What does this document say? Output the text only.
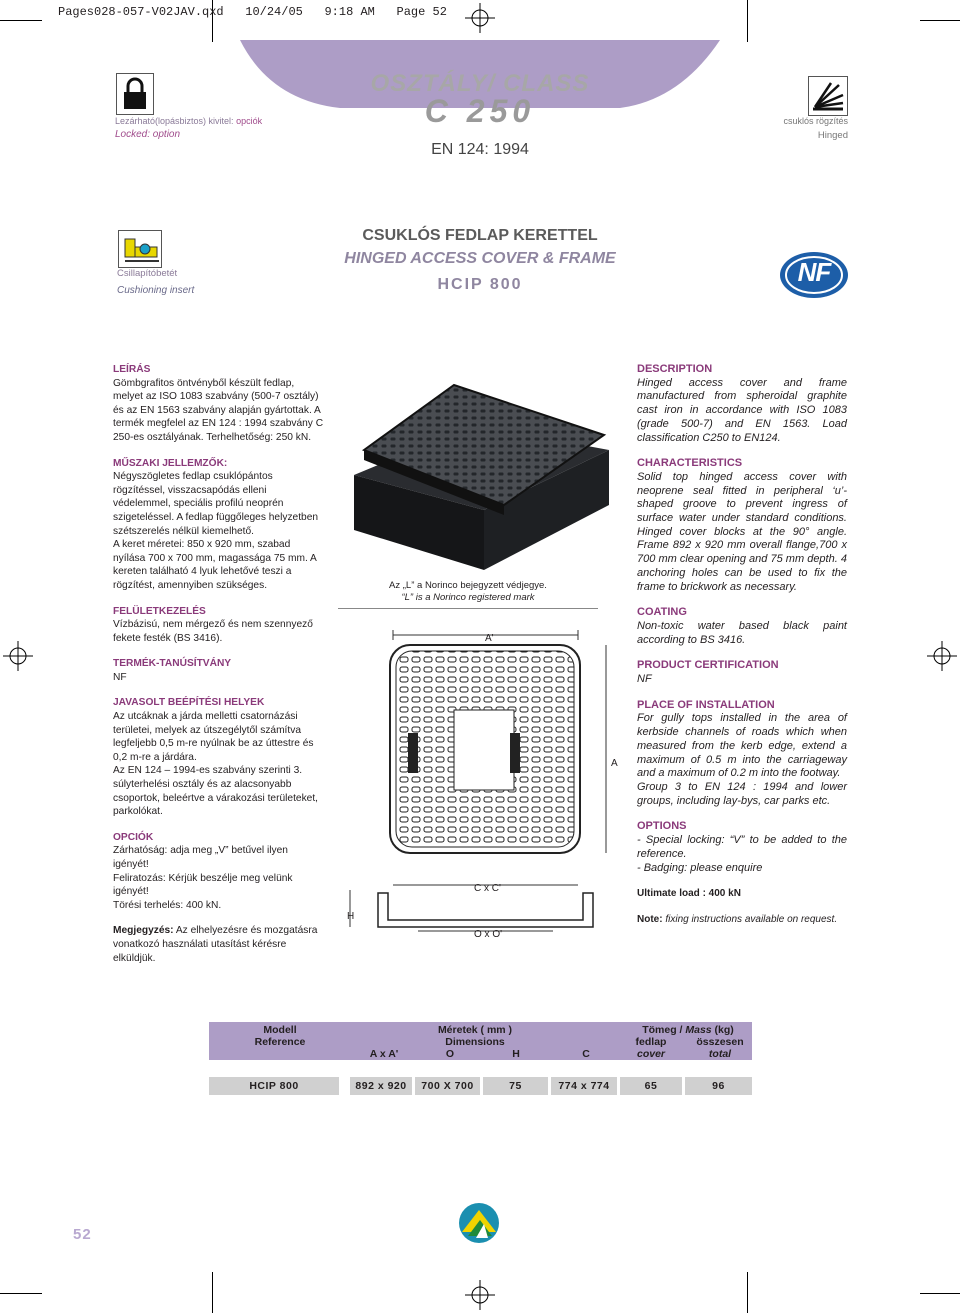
Pages028-057-V02JAV.qxd 10/24/05 9:18 AM Page 52
OSZTÁLY/ CLASS
C 250
EN 124: 1994
Lezárható(lopásbiztos) kivitel: opciók
Locked: option
csuklós rögzítés
Hinged
Csillapítóbetét
Cushioning insert
NF
CSUKLÓS FEDLAP KERETTEL
HINGED ACCESS COVER & FRAME
HCIP 800
LEÍRÁS

Gömbgrafitos öntvényből készült fedlap, melyet az ISO 1083 szabvány (500-7 osztály) és az EN 1563 szabvány alapján gyártottak. A termék megfelel az EN 124 : 1994 szabvány C 250-es osztályának. Terhelhetőség: 250 kN.

MŰSZAKI JELLEMZŐK:

Négyszögletes fedlap csuklópántos rögzítéssel, visszacsapódás elleni védelemmel, speciális profilú neoprén szigeteléssel. A fedlap függőleges helyzetben szétszerelés nélkül kiemelhető.

A keret méretei: 850 x 920 mm, szabad nyílása 700 x 700 mm, magassága 75 mm. A kereten található 4 lyuk lehetővé teszi a rögzítést, amennyiben szükséges.

FELÜLETKEZELÉS

Vízbázisú, nem mérgező és nem szennyező fekete festék (BS 3416).

TERMÉK-TANÚSÍTVÁNY

NF

JAVASOLT BEÉPÍTÉSI HELYEK

Az utcáknak a járda melletti csatornázási területei, melyek az útszegélytől számítva legfeljebb 0,5 m-re nyúlnak be az úttestre és 0,2 m-re a járdára.

Az EN 124 – 1994-es szabvány szerinti 3. súlyterhelési osztály és az alacsonyabb csoportok, beleértve a várakozási területeket, parkolókat.

OPCIÓK

Zárhatóság: adja meg „V” betűvel ilyen igényét!

Feliratozás: Kérjük beszélje meg velünk igényét!

Törési terhelés: 400 kN.

Megjegyzés: Az elhelyezésre és mozgatásra vonatkozó használati utasítást kérésre elküldjük.

Az „L” a Norinco bejegyzett védjegye.
“L” is a Norinco registered mark
A'
A
C x C'
H
O x O'
DESCRIPTION

Hinged access cover and frame manufactured from spheroidal graphite cast iron in accordance with ISO 1083 (grade 500-7) and EN 1563. Load classification C250 to EN124.

CHARACTERISTICS

Solid top hinged access cover with neoprene seal fitted in peripheral ‘u’-shaped groove to prevent ingress of surface water under standard conditions. Hinged cover blocks at the 90° angle. Frame 892 x 920 mm overall flange,700 x 700 mm clear opening and 75 mm depth. 4 anchoring holes can be used to fix the frame to brickwork as necessary.

COATING

Non-toxic water based black paint according to BS 3416.

PRODUCT CERTIFICATION

NF

PLACE OF INSTALLATION

For gully tops installed in the area of kerbside channels of roads which when measured from the kerb edge, extend a maximum of 0.5 m into the carriageway and a maximum of 0.2 m into the footway.

Group 3 to EN 124 : 1994 and lower groups, including lay-bys, car parks etc.

OPTIONS

- Special locking: “V” to be added to the reference.

- Badging: please enquire

Ultimate load : 400 kN

Note: fixing instructions available on request.

Modell
Reference
Méretek ( mm )
Dimensions
A x A'	O	H	C
Tömeg / Mass (kg)
fedlap	összesen
cover	total
HCIP 800	892 x 920	700 X 700	75	774 x 774	65	96
52
